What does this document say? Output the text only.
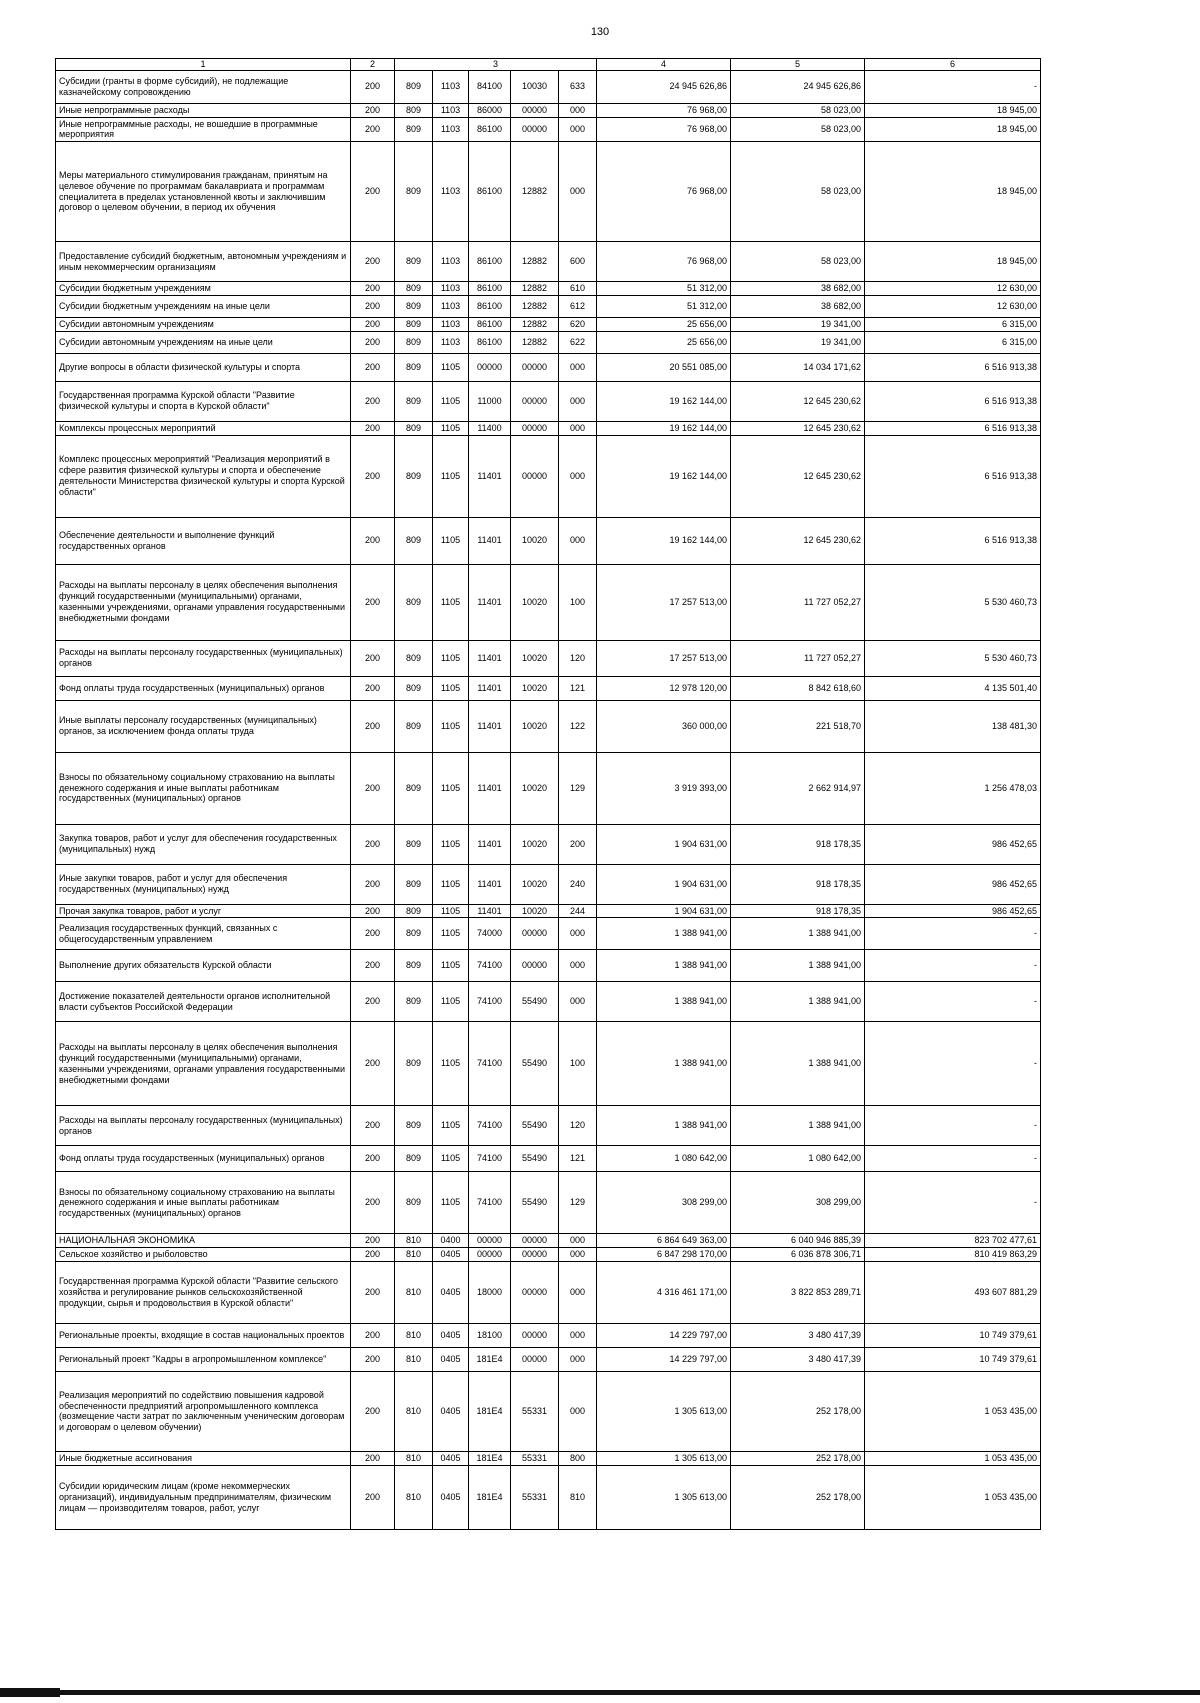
130
1	2	3					4	5	6
Субсидии (гранты в форме субсидий), не подлежащие казначейскому сопровождению	200	809	1103	84100	10030	633	24 945 626,86	24 945 626,86	-
Иные непрограммные расходы	200	809	1103	86000	00000	000	76 968,00	58 023,00	18 945,00
Иные непрограммные расходы, не вошедшие в программные мероприятия	200	809	1103	86100	00000	000	76 968,00	58 023,00	18 945,00
Меры материального стимулирования гражданам, принятым на целевое обучение по программам бакалавриата и программам специалитета в пределах установленной квоты и заключившим договор о целевом обучении, в период их обучения	200	809	1103	86100	12882	000	76 968,00	58 023,00	18 945,00
Предоставление субсидий бюджетным, автономным учреждениям и иным некоммерческим организациям	200	809	1103	86100	12882	600	76 968,00	58 023,00	18 945,00
Субсидии бюджетным учреждениям	200	809	1103	86100	12882	610	51 312,00	38 682,00	12 630,00
Субсидии бюджетным учреждениям на иные цели	200	809	1103	86100	12882	612	51 312,00	38 682,00	12 630,00
Субсидии автономным учреждениям	200	809	1103	86100	12882	620	25 656,00	19 341,00	6 315,00
Субсидии автономным учреждениям на иные цели	200	809	1103	86100	12882	622	25 656,00	19 341,00	6 315,00
Другие вопросы в области физической культуры и спорта	200	809	1105	00000	00000	000	20 551 085,00	14 034 171,62	6 516 913,38
Государственная программа Курской области "Развитие физической культуры и спорта в Курской области"	200	809	1105	11000	00000	000	19 162 144,00	12 645 230,62	6 516 913,38
Комплексы процессных мероприятий	200	809	1105	11400	00000	000	19 162 144,00	12 645 230,62	6 516 913,38
Комплекс процессных мероприятий "Реализация мероприятий в сфере развития физической культуры и спорта и обеспечение деятельности Министерства физической культуры и спорта Курской области"	200	809	1105	11401	00000	000	19 162 144,00	12 645 230,62	6 516 913,38
Обеспечение деятельности и выполнение функций государственных органов	200	809	1105	11401	10020	000	19 162 144,00	12 645 230,62	6 516 913,38
Расходы на выплаты персоналу в целях обеспечения выполнения функций государственными (муниципальными) органами, казенными учреждениями, органами управления государственными внебюджетными фондами	200	809	1105	11401	10020	100	17 257 513,00	11 727 052,27	5 530 460,73
Расходы на выплаты персоналу государственных (муниципальных) органов	200	809	1105	11401	10020	120	17 257 513,00	11 727 052,27	5 530 460,73
Фонд оплаты труда государственных (муниципальных) органов	200	809	1105	11401	10020	121	12 978 120,00	8 842 618,60	4 135 501,40
Иные выплаты персоналу государственных (муниципальных) органов, за исключением фонда оплаты труда	200	809	1105	11401	10020	122	360 000,00	221 518,70	138 481,30
Взносы по обязательному социальному страхованию на выплаты денежного содержания и иные выплаты работникам государственных (муниципальных) органов	200	809	1105	11401	10020	129	3 919 393,00	2 662 914,97	1 256 478,03
Закупка товаров, работ и услуг для обеспечения государственных (муниципальных) нужд	200	809	1105	11401	10020	200	1 904 631,00	918 178,35	986 452,65
Иные закупки товаров, работ и услуг для обеспечения государственных (муниципальных) нужд	200	809	1105	11401	10020	240	1 904 631,00	918 178,35	986 452,65
Прочая закупка товаров, работ и услуг	200	809	1105	11401	10020	244	1 904 631,00	918 178,35	986 452,65
Реализация государственных функций, связанных с общегосударственным управлением	200	809	1105	74000	00000	000	1 388 941,00	1 388 941,00	-
Выполнение других обязательств Курской области	200	809	1105	74100	00000	000	1 388 941,00	1 388 941,00	-
Достижение показателей деятельности органов исполнительной власти субъектов Российской Федерации	200	809	1105	74100	55490	000	1 388 941,00	1 388 941,00	-
Расходы на выплаты персоналу в целях обеспечения выполнения функций государственными (муниципальными) органами, казенными учреждениями, органами управления государственными внебюджетными фондами	200	809	1105	74100	55490	100	1 388 941,00	1 388 941,00	-
Расходы на выплаты персоналу государственных (муниципальных) органов	200	809	1105	74100	55490	120	1 388 941,00	1 388 941,00	-
Фонд оплаты труда государственных (муниципальных) органов	200	809	1105	74100	55490	121	1 080 642,00	1 080 642,00	-
Взносы по обязательному социальному страхованию на выплаты денежного содержания и иные выплаты работникам государственных (муниципальных) органов	200	809	1105	74100	55490	129	308 299,00	308 299,00	-
НАЦИОНАЛЬНАЯ ЭКОНОМИКА	200	810	0400	00000	00000	000	6 864 649 363,00	6 040 946 885,39	823 702 477,61
Сельское хозяйство и рыболовство	200	810	0405	00000	00000	000	6 847 298 170,00	6 036 878 306,71	810 419 863,29
Государственная программа Курской области "Развитие сельского хозяйства и регулирование рынков сельскохозяйственной продукции, сырья и продовольствия в Курской области"	200	810	0405	18000	00000	000	4 316 461 171,00	3 822 853 289,71	493 607 881,29
Региональные проекты, входящие в состав национальных проектов	200	810	0405	18100	00000	000	14 229 797,00	3 480 417,39	10 749 379,61
Региональный проект "Кадры в агропромышленном комплексе"	200	810	0405	181E4	00000	000	14 229 797,00	3 480 417,39	10 749 379,61
Реализация мероприятий по содействию повышения кадровой обеспеченности предприятий агропромышленного комплекса (возмещение части затрат по заключенным ученическим договорам и договорам о целевом обучении)	200	810	0405	181E4	55331	000	1 305 613,00	252 178,00	1 053 435,00
Иные бюджетные ассигнования	200	810	0405	181E4	55331	800	1 305 613,00	252 178,00	1 053 435,00
Субсидии юридическим лицам (кроме некоммерческих организаций), индивидуальным предпринимателям, физическим лицам — производителям товаров, работ, услуг	200	810	0405	181E4	55331	810	1 305 613,00	252 178,00	1 053 435,00
